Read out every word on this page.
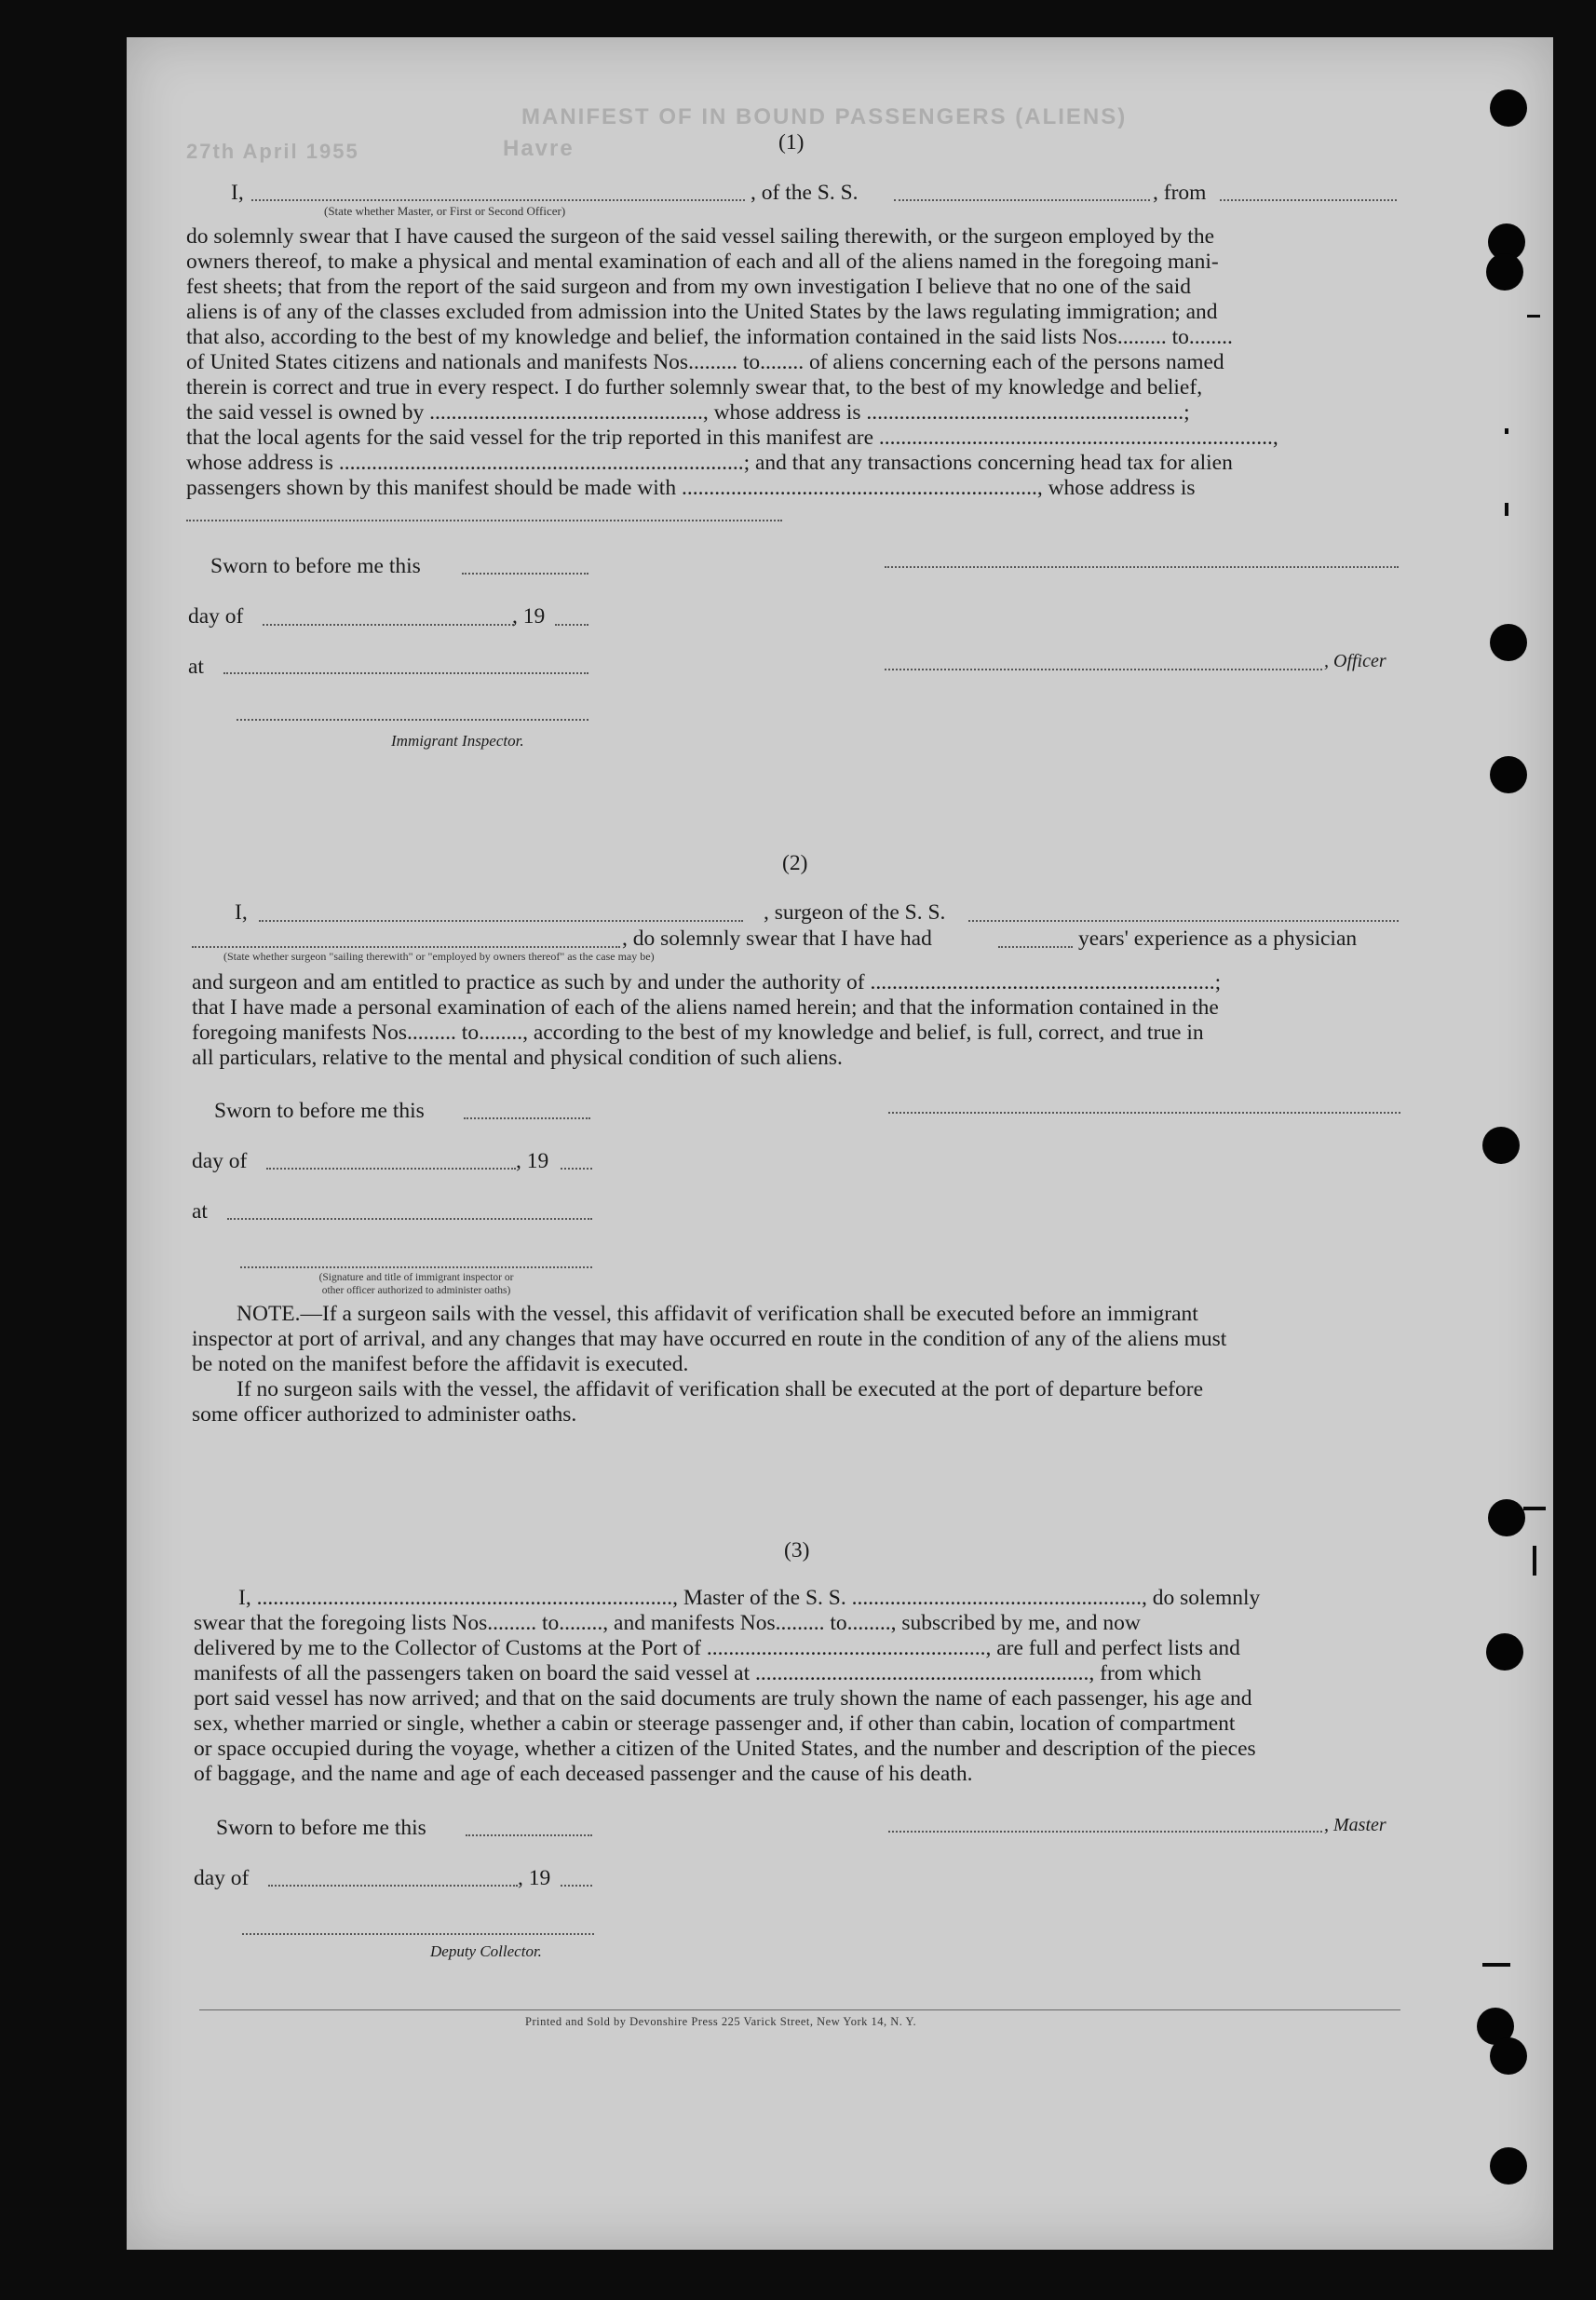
MANIFEST OF IN BOUND PASSENGERS (ALIENS)
Havre
27th April 1955	(1)
I,	, of the S. S.	, from
(State whether Master, or First or Second Officer)

do solemnly swear that I have caused the surgeon of the said vessel sailing therewith, or the surgeon employed by the

owners thereof, to make a physical and mental examination of each and all of the aliens named in the foregoing mani-

fest sheets; that from the report of the said surgeon and from my own investigation I believe that no one of the said

aliens is of any of the classes excluded from admission into the United States by the laws regulating immigration; and

that also, according to the best of my knowledge and belief, the information contained in the said lists Nos......... to........

of United States citizens and nationals and manifests Nos......... to........ of aliens concerning each of the persons named

therein is correct and true in every respect. I do further solemnly swear that, to the best of my knowledge and belief,

the said vessel is owned by .................................................., whose address is ..........................................................;

that the local agents for the said vessel for the trip reported in this manifest are ........................................................................,

whose address is ..........................................................................; and that any transactions concerning head tax for alien

passengers shown by this manifest should be made with ................................................................., whose address is

Sworn to before me this
day of	, 19
at	, Officer
Immigrant Inspector.
(2)
I,	, surgeon of the S. S.
, do solemnly swear that I have had	years' experience as a physician
(State whether surgeon "sailing therewith" or "employed by owners thereof" as the case may be)

and surgeon and am entitled to practice as such by and under the authority of ...............................................................;

that I have made a personal examination of each of the aliens named herein; and that the information contained in the

foregoing manifests Nos......... to........, according to the best of my knowledge and belief, is full, correct, and true in

all particulars, relative to the mental and physical condition of such aliens.

Sworn to before me this
day of	, 19
at
(Signature and title of immigrant inspector or
other officer authorized to administer oaths)

NOTE.—If a surgeon sails with the vessel, this affidavit of verification shall be executed before an immigrant

inspector at port of arrival, and any changes that may have occurred en route in the condition of any of the aliens must

be noted on the manifest before the affidavit is executed.

If no surgeon sails with the vessel, the affidavit of verification shall be executed at the port of departure before

some officer authorized to administer oaths.

(3)

I, ............................................................................, Master of the S. S. ....................................................., do solemnly

swear that the foregoing lists Nos......... to........, and manifests Nos......... to........, subscribed by me, and now

delivered by me to the Collector of Customs at the Port of ..................................................., are full and perfect lists and

manifests of all the passengers taken on board the said vessel at ............................................................., from which

port said vessel has now arrived; and that on the said documents are truly shown the name of each passenger, his age and

sex, whether married or single, whether a cabin or steerage passenger and, if other than cabin, location of compartment

or space occupied during the voyage, whether a citizen of the United States, and the number and description of the pieces

of baggage, and the name and age of each deceased passenger and the cause of his death.

Sworn to before me this	, Master
day of	, 19
Deputy Collector.
Printed and Sold by Devonshire Press 225 Varick Street, New York 14, N. Y.
